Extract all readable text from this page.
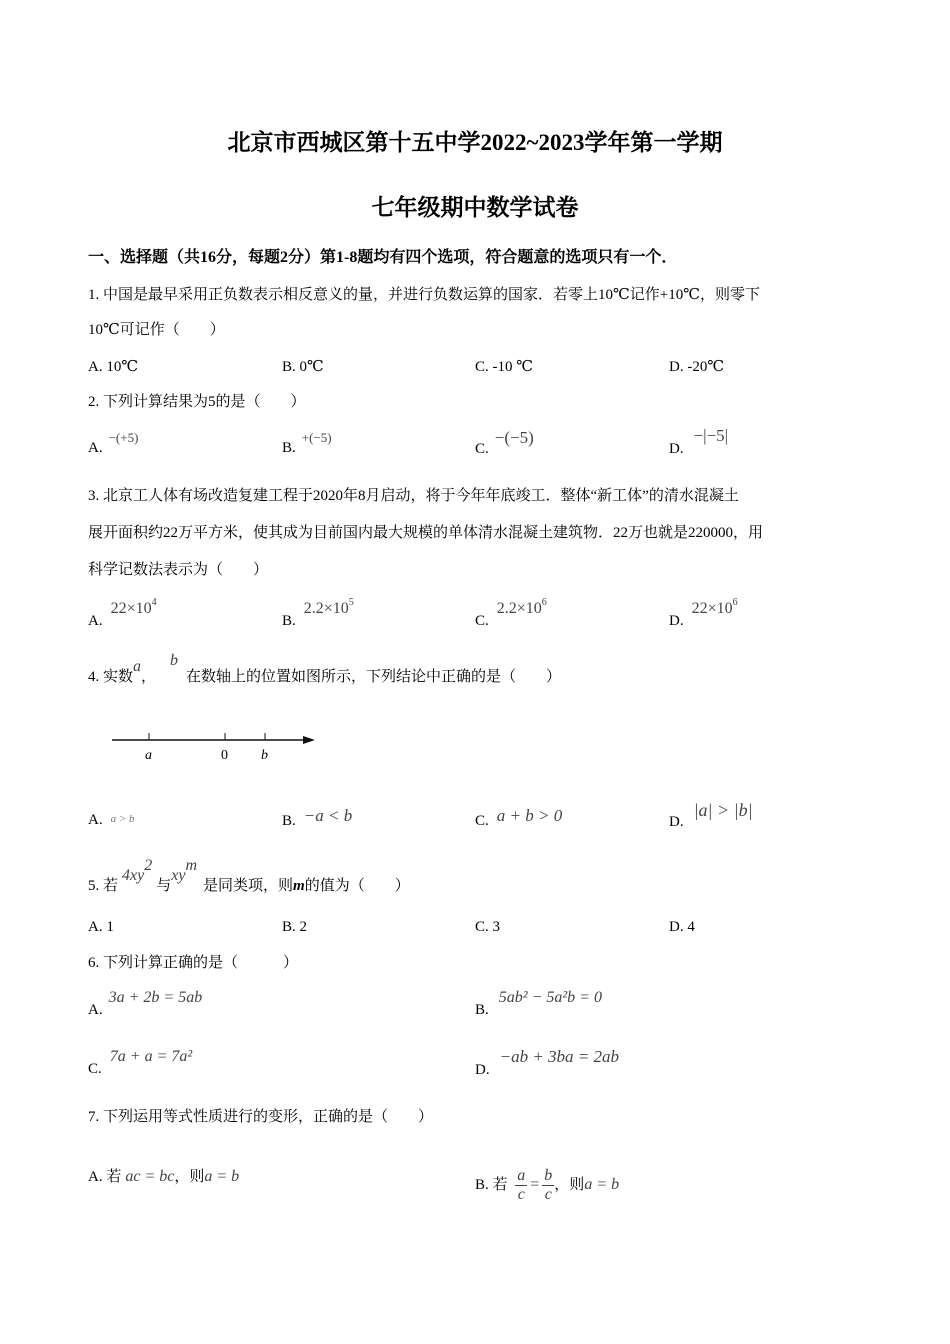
北京市西城区第十五中学2022~2023学年第一学期
七年级期中数学试卷
一、选择题（共16分，每题2分）第1-8题均有四个选项，符合题意的选项只有一个．
1. 中国是最早采用正负数表示相反意义的量，并进行负数运算的国家．若零上10℃记作+10℃，则零下
10℃可记作（　　）
A. 10℃	B. 0℃	C. -10 ℃	D. -20℃
2. 下列计算结果为5的是（　　）
A.−(+5)
B.+(−5)
C.−(−5)
D.−|−5|
3. 北京工人体有场改造复建工程于2020年8月启动，将于今年年底竣工．整体“新工体”的清水混凝土
展开面积约22万平方米，使其成为目前国内最大规模的单体清水混凝土建筑物．22万也就是220000，用
科学记数法表示为（　　）
$A.22\times 10^4$
$B.2.2\times 10^5$
$C.2.2\times 10^6$
$D.22\times 10^6$
4. 实数a，b在数轴上的位置如图所示，下列结论中正确的是（　　）
a	0 b
A. a > b	B. −a < b	C. a + b > 0	D.|a| > |b|
5. 若$4xy^2$与$xy^m$是同类项，则m的值为（　　）
A. 1	B. 2	C. 3	D. 4
6. 下列计算正确的是（　　　）
A.3a + 2b = 5ab
B.5ab² − 5a²b = 0
C.7a + a = 7a²
D.−ab + 3ba = 2ab
7. 下列运用等式性质进行的变形，正确的是（　　）
A. 若 ac = bc，则a = b	B. 若 $\frac{a}{c} = \frac{b}{c}$ ，则a = b
